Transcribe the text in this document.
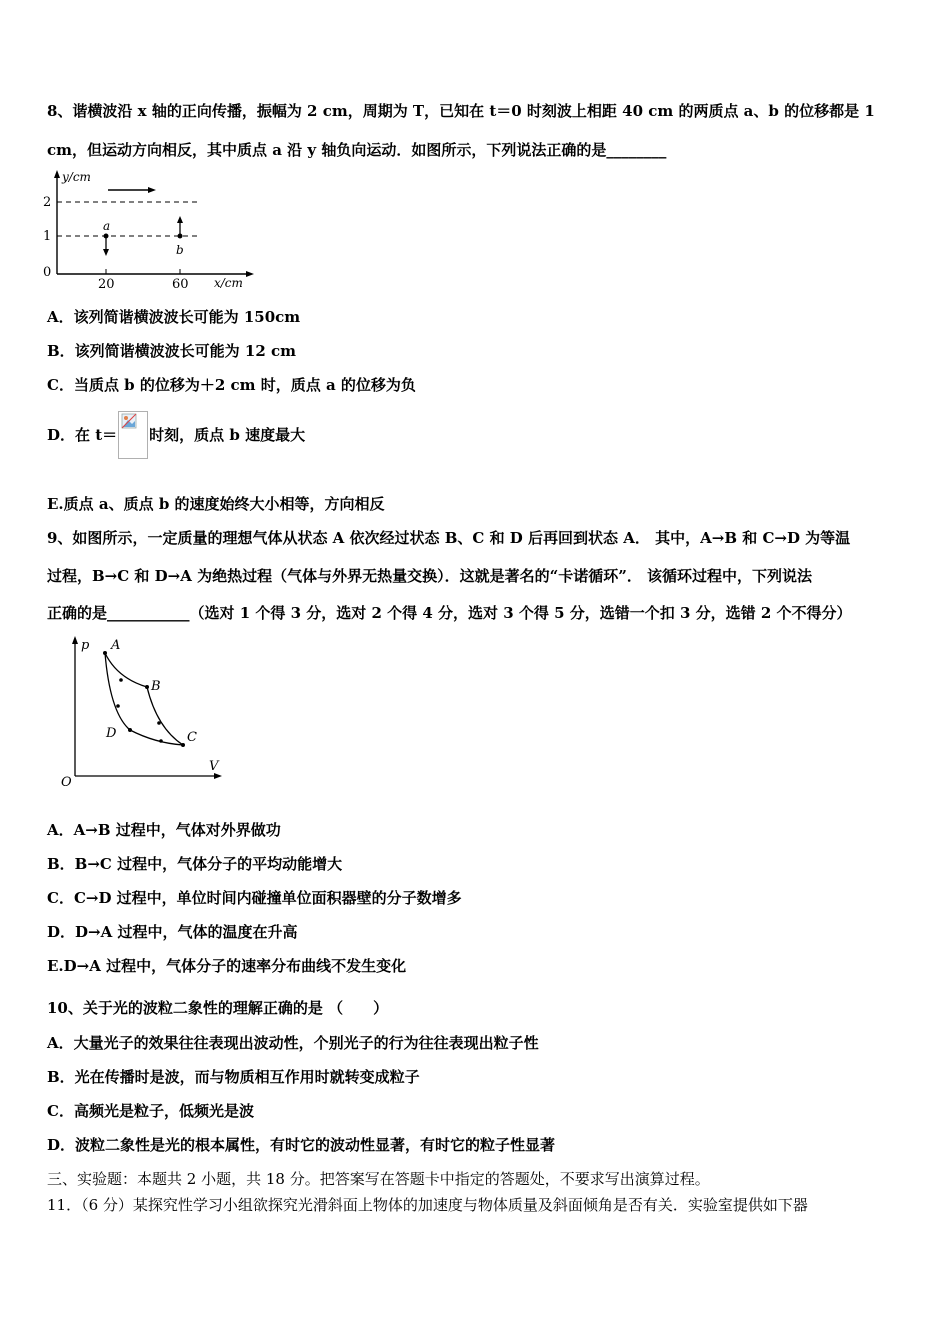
8、谐横波沿 x 轴的正向传播，振幅为 2 cm，周期为 T，已知在 t＝0 时刻波上相距 40 cm 的两质点 a、b 的位移都是 1
cm，但运动方向相反，其中质点 a 沿 y 轴负向运动．如图所示，下列说法正确的是________
y/cm
x/cm
2
1
0
20	60
a
b
A．该列简谐横波波长可能为 150cm
B．该列简谐横波波长可能为 12 cm
C．当质点 b 的位移为＋2 cm 时，质点 a 的位移为负
D．在 t＝ 时刻，质点 b 速度最大
E.质点 a、质点 b 的速度始终大小相等，方向相反
9、如图所示，一定质量的理想气体从状态 A 依次经过状态 B、C 和 D 后再回到状态 A． 其中，A→B 和 C→D 为等温
过程，B→C 和 D→A 为绝热过程（气体与外界无热量交换）．这就是著名的“卡诺循环”． 该循环过程中，下列说法
正确的是___________（选对 1 个得 3 分，选对 2 个得 4 分，选对 3 个得 5 分，选错一个扣 3 分，选错 2 个不得分）
p
V
O
A
B
C
D
A．A→B 过程中，气体对外界做功
B．B→C 过程中，气体分子的平均动能增大
C．C→D 过程中，单位时间内碰撞单位面积器壁的分子数增多
D．D→A 过程中，气体的温度在升高
E.D→A 过程中，气体分子的速率分布曲线不发生变化
10、关于光的波粒二象性的理解正确的是 （　　）
A．大量光子的效果往往表现出波动性，个别光子的行为往往表现出粒子性
B．光在传播时是波，而与物质相互作用时就转变成粒子
C．高频光是粒子，低频光是波
D．波粒二象性是光的根本属性，有时它的波动性显著，有时它的粒子性显著
三、实验题：本题共 2 小题，共 18 分。把答案写在答题卡中指定的答题处，不要求写出演算过程。
11．（6 分）某探究性学习小组欲探究光滑斜面上物体的加速度与物体质量及斜面倾角是否有关．实验室提供如下器
